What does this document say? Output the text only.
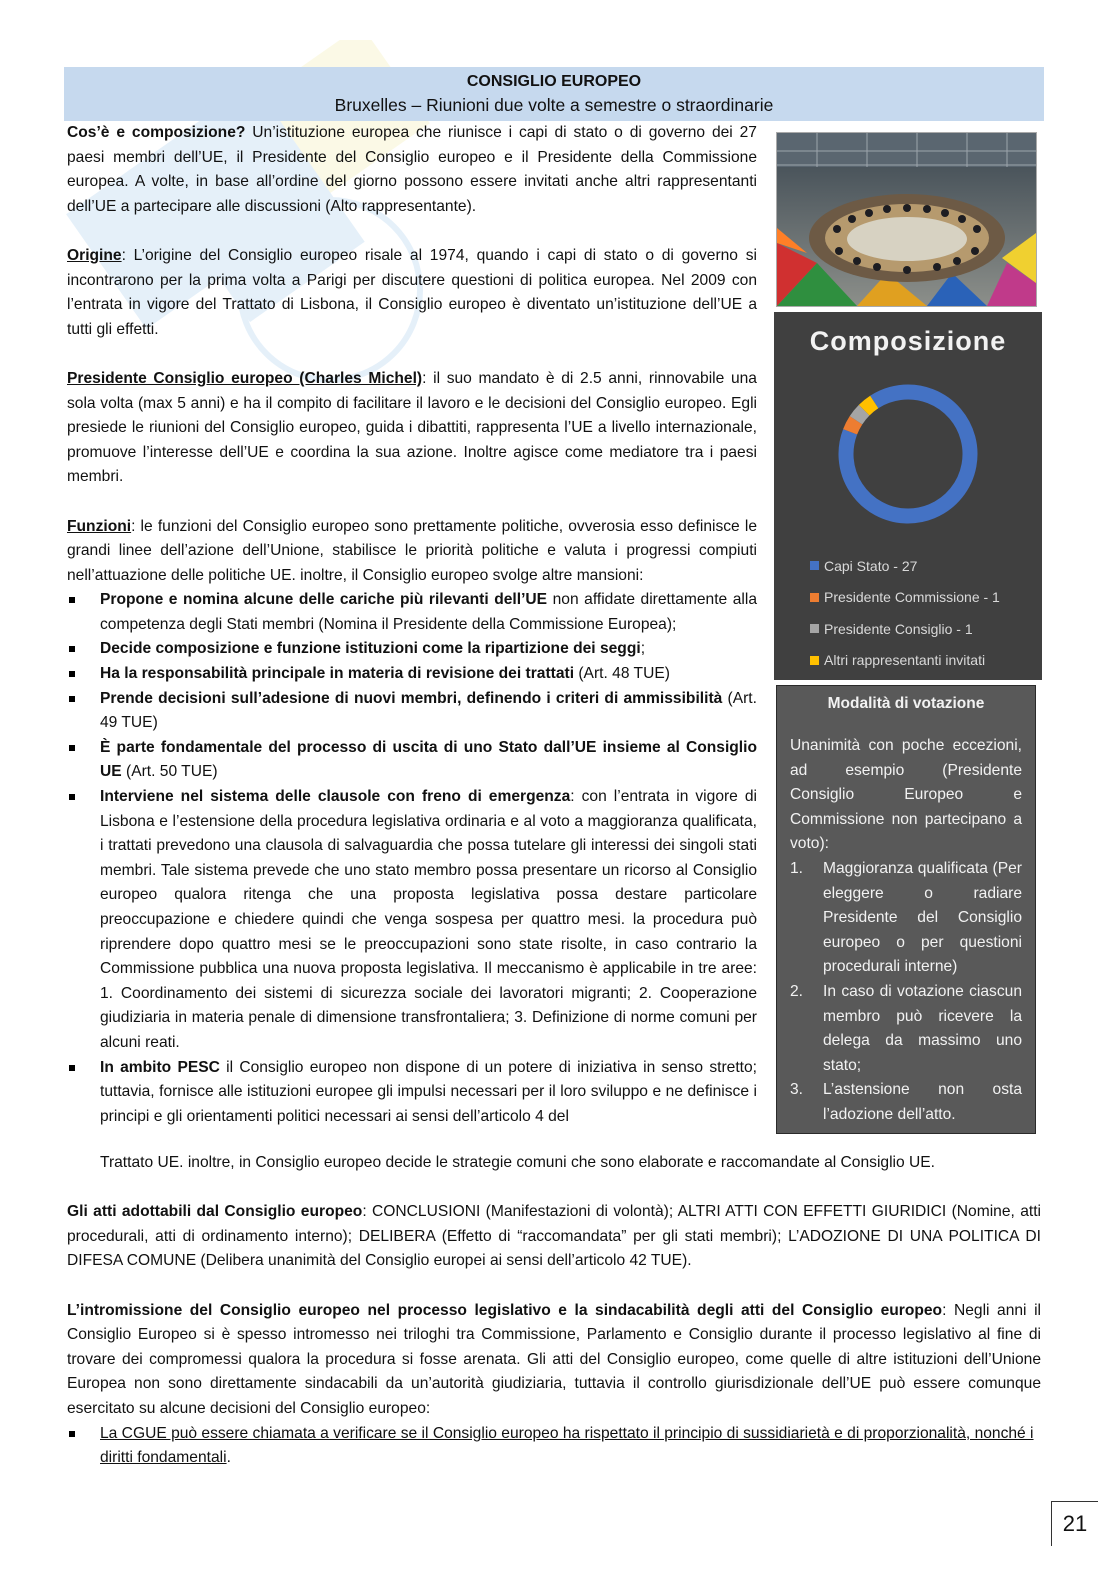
CONSIGLIO EUROPEO
Bruxelles – Riunioni due volte a semestre o straordinarie

Cos’è e composizione? Un’istituzione europea che riunisce i capi di stato o di governo dei 27 paesi membri dell’UE, il Presidente del Consiglio europeo e il Presidente della Commissione europea. A volte, in base all’ordine del giorno possono essere invitati anche altri rappresentanti dell’UE a partecipare alle discussioni (Alto rappresentante).

Origine: L’origine del Consiglio europeo risale al 1974, quando i capi di stato o di governo si incontrarono per la prima volta a Parigi per discutere questioni di politica europea. Nel 2009 con l’entrata in vigore del Trattato di Lisbona, il Consiglio europeo è diventato un’istituzione dell’UE a tutti gli effetti.

Presidente Consiglio europeo (Charles Michel): il suo mandato è di 2.5 anni, rinnovabile una sola volta (max 5 anni) e ha il compito di facilitare il lavoro e le decisioni del Consiglio europeo. Egli presiede le riunioni del Consiglio europeo, guida i dibattiti, rappresenta l’UE a livello internazionale, promuove l’interesse dell’UE e coordina la sua azione. Inoltre agisce come mediatore tra i paesi membri.

Funzioni: le funzioni del Consiglio europeo sono prettamente politiche, ovverosia esso definisce le grandi linee dell’azione dell’Unione, stabilisce le priorità politiche e valuta i progressi compiuti nell’attuazione delle politiche UE. inoltre, il Consiglio europeo svolge altre mansioni:

Propone e nomina alcune delle cariche più rilevanti dell’UE non affidate direttamente alla competenza degli Stati membri (Nomina il Presidente della Commissione Europea);
Decide composizione e funzione istituzioni come la ripartizione dei seggi;
Ha la responsabilità principale in materia di revisione dei trattati (Art. 48 TUE)
Prende decisioni sull’adesione di nuovi membri, definendo i criteri di ammissibilità (Art. 49 TUE)
È parte fondamentale del processo di uscita di uno Stato dall’UE insieme al Consiglio UE (Art. 50 TUE)
Interviene nel sistema delle clausole con freno di emergenza: con l’entrata in vigore di Lisbona e l’estensione della procedura legislativa ordinaria e al voto a maggioranza qualificata, i trattati prevedono una clausola di salvaguardia che possa tutelare gli interessi dei singoli stati membri. Tale sistema prevede che uno stato membro possa presentare un ricorso al Consiglio europeo qualora ritenga che una proposta legislativa possa destare particolare preoccupazione e chiedere quindi che venga sospesa per quattro mesi. la procedura può riprendere dopo quattro mesi se le preoccupazioni sono state risolte, in caso contrario la Commissione pubblica una nuova proposta legislativa. Il meccanismo è applicabile in tre aree: 1. Coordinamento dei sistemi di sicurezza sociale dei lavoratori migranti; 2. Cooperazione giudiziaria in materia penale di dimensione transfrontaliera; 3. Definizione di norme comuni per alcuni reati.
In ambito PESC il Consiglio europeo non dispone di un potere di iniziativa in senso stretto; tuttavia, fornisce alle istituzioni europee gli impulsi necessari per il loro sviluppo e ne definisce i principi e gli orientamenti politici necessari ai sensi dell’articolo 4 del

Trattato UE. inoltre, in Consiglio europeo decide le strategie comuni che sono elaborate e raccomandate al Consiglio UE.

Gli atti adottabili dal Consiglio europeo: CONCLUSIONI (Manifestazioni di volontà); ALTRI ATTI CON EFFETTI GIURIDICI (Nomine, atti procedurali, atti di ordinamento interno); DELIBERA (Effetto di “raccomandata” per gli stati membri); L’ADOZIONE DI UNA POLITICA DI DIFESA COMUNE (Delibera unanimità del Consiglio europei ai sensi dell’articolo 42 TUE).

L’intromissione del Consiglio europeo nel processo legislativo e la sindacabilità degli atti del Consiglio europeo: Negli anni il Consiglio Europeo si è spesso intromesso nei triloghi tra Commissione, Parlamento e Consiglio durante il processo legislativo al fine di trovare dei compromessi qualora la procedura si fosse arenata. Gli atti del Consiglio europeo, come quelle di altre istituzioni dell’Unione Europea non sono direttamente sindacabili da un’autorità giudiziaria, tuttavia il controllo giurisdizionale dell’UE può essere comunque esercitato su alcune decisioni del Consiglio europeo:

La CGUE può essere chiamata a verificare se il Consiglio europeo ha rispettato il principio di sussidiarietà e di proporzionalità, nonché i diritti fondamentali.
Composizione
Capi Stato - 27
Presidente Commissione - 1
Presidente Consiglio - 1
Altri rappresentanti invitati
Modalità di votazione

Unanimità con poche eccezioni, ad esempio (Presidente Consiglio Europeo e Commissione non partecipano a voto):

1. Maggioranza qualificata (Per eleggere o radiare Presidente del Consiglio europeo o per questioni procedurali interne)
2. In caso di votazione ciascun membro può ricevere la delega da massimo uno stato;
3. L’astensione non osta l’adozione dell’atto.
21
